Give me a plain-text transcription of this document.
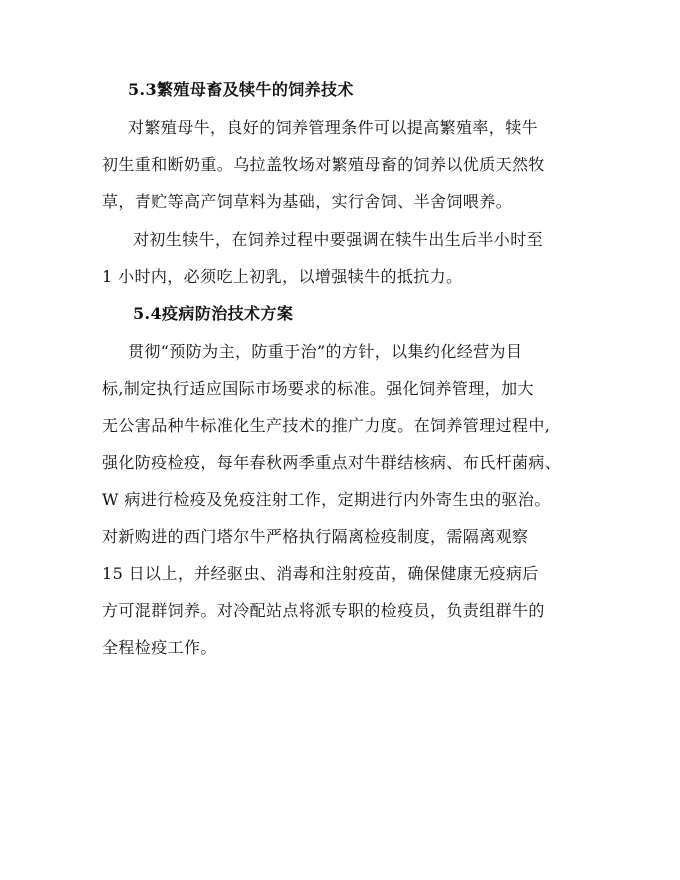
5.3繁殖母畜及犊牛的饲养技术
对繁殖母牛，良好的饲养管理条件可以提高繁殖率，犊牛
初生重和断奶重。乌拉盖牧场对繁殖母畜的饲养以优质天然牧
草，青贮等高产饲草料为基础，实行舍饲、半舍饲喂养。
对初生犊牛，在饲养过程中要强调在犊牛出生后半小时至
1 小时内，必须吃上初乳，以增强犊牛的抵抗力。
5.4疫病防治技术方案
贯彻“预防为主，防重于治”的方针，以集约化经营为目
标,制定执行适应国际市场要求的标准。强化饲养管理，加大
无公害品种牛标准化生产技术的推广力度。在饲养管理过程中,
强化防疫检疫，每年春秋两季重点对牛群结核病、布氏杆菌病、
W 病进行检疫及免疫注射工作，定期进行内外寄生虫的驱治。
对新购进的西门塔尔牛严格执行隔离检疫制度，需隔离观察
15 日以上，并经驱虫、消毒和注射疫苗，确保健康无疫病后
方可混群饲养。对冷配站点将派专职的检疫员，负责组群牛的
全程检疫工作。
